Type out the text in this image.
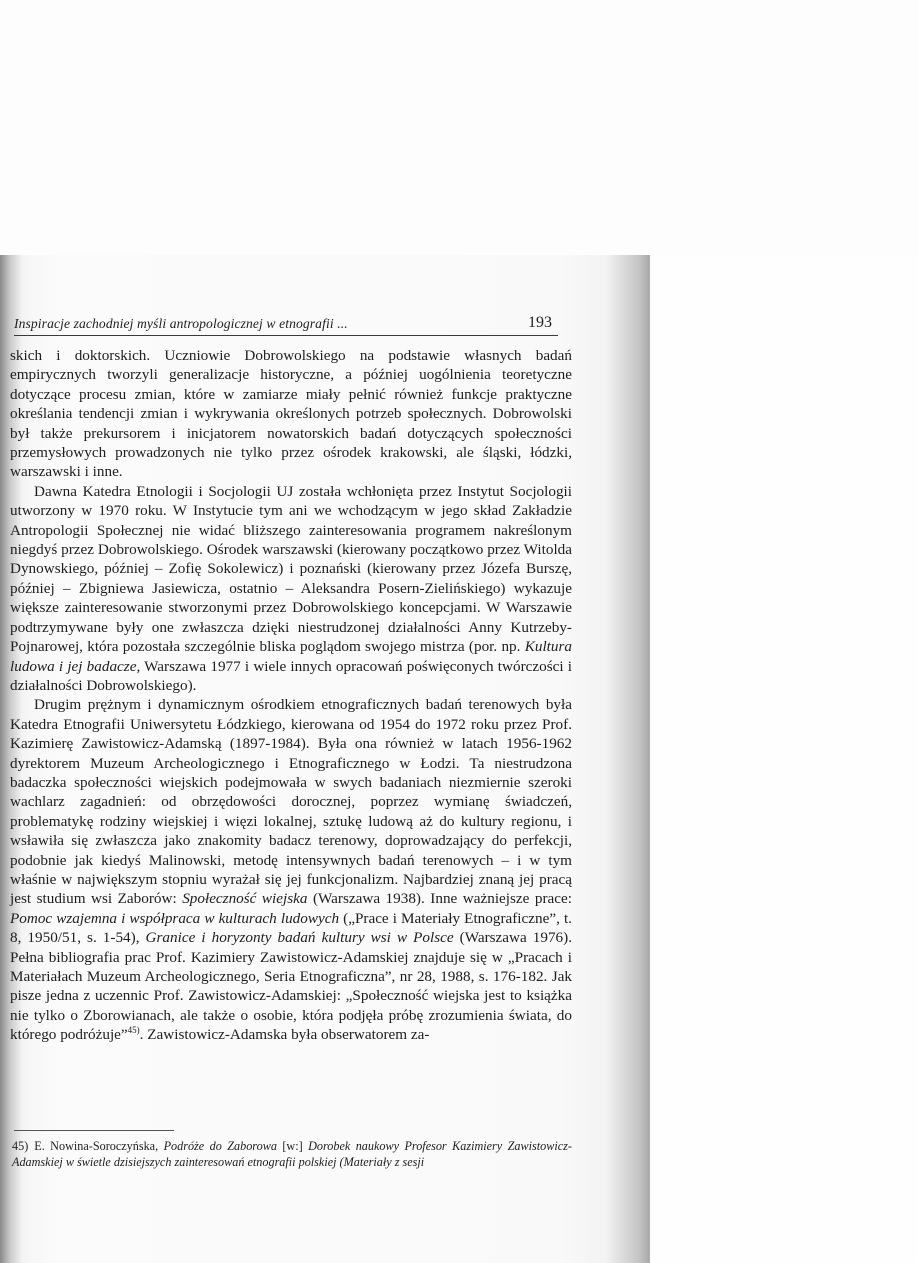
Inspiracje zachodniej myśli antropologicznej w etnografii ...	193

skich i doktorskich. Uczniowie Dobrowolskiego na podstawie własnych badań empirycznych tworzyli generalizacje historyczne, a później uogólnienia teoretyczne dotyczące procesu zmian, które w zamiarze miały pełnić również funkcje praktyczne określania tendencji zmian i wykrywania określonych potrzeb społecznych. Dobrowolski był także prekursorem i inicjatorem nowatorskich badań dotyczących społeczności przemysłowych prowadzonych nie tylko przez ośrodek krakowski, ale śląski, łódzki, warszawski i inne.

Dawna Katedra Etnologii i Socjologii UJ została wchłonięta przez Instytut Socjologii utworzony w 1970 roku. W Instytucie tym ani we wchodzącym w jego skład Zakładzie Antropologii Społecznej nie widać bliższego zainteresowania programem nakreślonym niegdyś przez Dobrowolskiego. Ośrodek warszawski (kierowany początkowo przez Witolda Dynowskiego, później – Zofię Sokolewicz) i poznański (kierowany przez Józefa Burszę, później – Zbigniewa Jasiewicza, ostatnio – Aleksandra Posern-Zielińskiego) wykazuje większe zainteresowanie stworzonymi przez Dobrowolskiego koncepcjami. W Warszawie podtrzymywane były one zwłaszcza dzięki niestrudzonej działalności Anny Kutrzeby-Pojnarowej, która pozostała szczególnie bliska poglądom swojego mistrza (por. np. Kultura ludowa i jej badacze, Warszawa 1977 i wiele innych opracowań poświęconych twórczości i działalności Dobrowolskiego).

Drugim prężnym i dynamicznym ośrodkiem etnograficznych badań terenowych była Katedra Etnografii Uniwersytetu Łódzkiego, kierowana od 1954 do 1972 roku przez Prof. Kazimierę Zawistowicz-Adamską (1897-1984). Była ona również w latach 1956-1962 dyrektorem Muzeum Archeologicznego i Etnograficznego w Łodzi. Ta niestrudzona badaczka społeczności wiejskich podejmowała w swych badaniach niezmiernie szeroki wachlarz zagadnień: od obrzędowości dorocznej, poprzez wymianę świadczeń, problematykę rodziny wiejskiej i więzi lokalnej, sztukę ludową aż do kultury regionu, i wsławiła się zwłaszcza jako znakomity badacz terenowy, doprowadzający do perfekcji, podobnie jak kiedyś Malinowski, metodę intensywnych badań terenowych – i w tym właśnie w największym stopniu wyrażał się jej funkcjonalizm. Najbardziej znaną jej pracą jest studium wsi Zaborów: Społeczność wiejska (Warszawa 1938). Inne ważniejsze prace: Pomoc wzajemna i współpraca w kulturach ludowych („Prace i Materiały Etnograficzne”, t. 8, 1950/51, s. 1-54), Granice i horyzonty badań kultury wsi w Polsce (Warszawa 1976). Pełna bibliografia prac Prof. Kazimiery Zawistowicz-Adamskiej znajduje się w „Pracach i Materiałach Muzeum Archeologicznego, Seria Etnograficzna”, nr 28, 1988, s. 176-182. Jak pisze jedna z uczennic Prof. Zawistowicz-Adamskiej: „Społeczność wiejska jest to książka nie tylko o Zborowianach, ale także o osobie, która podjęła próbę zrozumienia świata, do którego podróżuje”$^{45)}$. Zawistowicz-Adamska była obserwatorem za-

45) E. Nowina-Soroczyńska, Podróże do Zaborowa [w:] Dorobek naukowy Profesor Kazimiery Zawistowicz-Adamskiej w świetle dzisiejszych zainteresowań etnografii polskiej (Materiały z sesji
